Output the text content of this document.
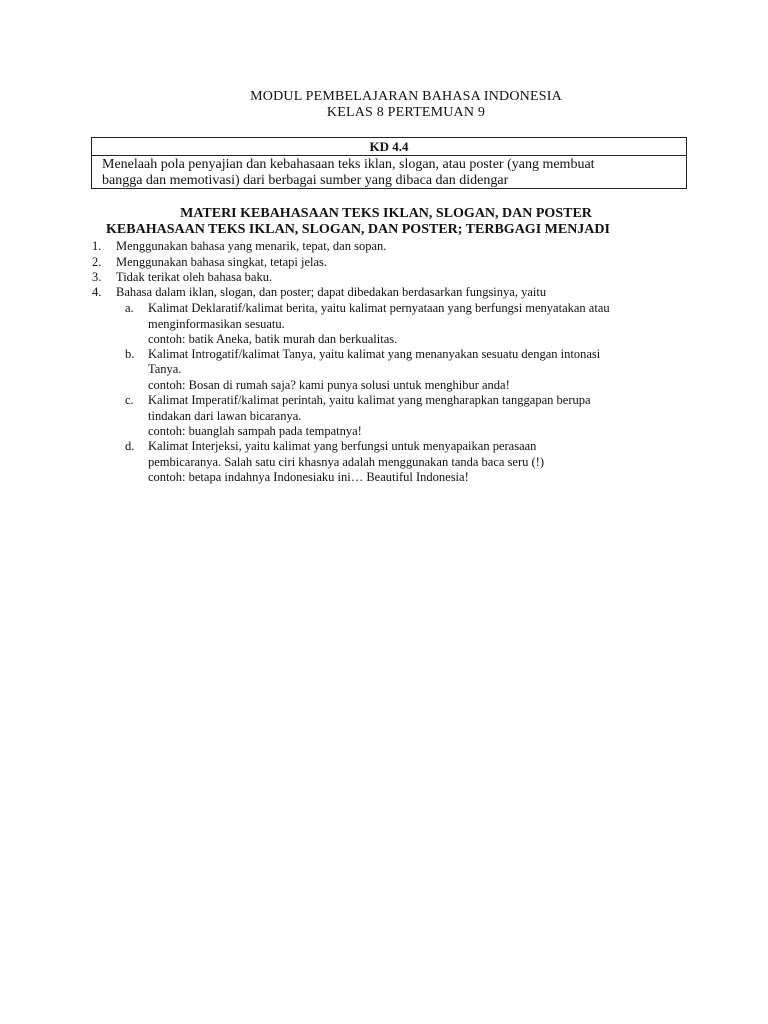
MODUL PEMBELAJARAN BAHASA INDONESIA
KELAS 8 PERTEMUAN 9
KD 4.4
Menelaah pola penyajian dan kebahasaan teks iklan, slogan, atau poster (yang membuat
bangga dan memotivasi) dari berbagai sumber yang dibaca dan didengar
MATERI KEBAHASAAN TEKS IKLAN, SLOGAN, DAN POSTER
KEBAHASAAN TEKS IKLAN, SLOGAN, DAN POSTER; TERBGAGI MENJADI
1. Menggunakan bahasa yang menarik, tepat, dan sopan.
2. Menggunakan bahasa singkat, tetapi jelas.
3. Tidak terikat oleh bahasa baku.
4. Bahasa dalam iklan, slogan, dan poster; dapat dibedakan berdasarkan fungsinya, yaitu
a. Kalimat Deklaratif/kalimat berita, yaitu kalimat pernyataan yang berfungsi menyatakan atau
menginformasikan sesuatu.
contoh: batik Aneka, batik murah dan berkualitas.
b. Kalimat Introgatif/kalimat Tanya, yaitu kalimat yang menanyakan sesuatu dengan intonasi
Tanya.
contoh: Bosan di rumah saja? kami punya solusi untuk menghibur anda!
c. Kalimat Imperatif/kalimat perintah, yaitu kalimat yang mengharapkan tanggapan berupa
tindakan dari lawan bicaranya.
contoh: buanglah sampah pada tempatnya!
d. Kalimat Interjeksi, yaitu kalimat yang berfungsi untuk menyapaikan perasaan
pembicaranya. Salah satu ciri khasnya adalah menggunakan tanda baca seru (!)
contoh: betapa indahnya Indonesiaku ini… Beautiful Indonesia!
